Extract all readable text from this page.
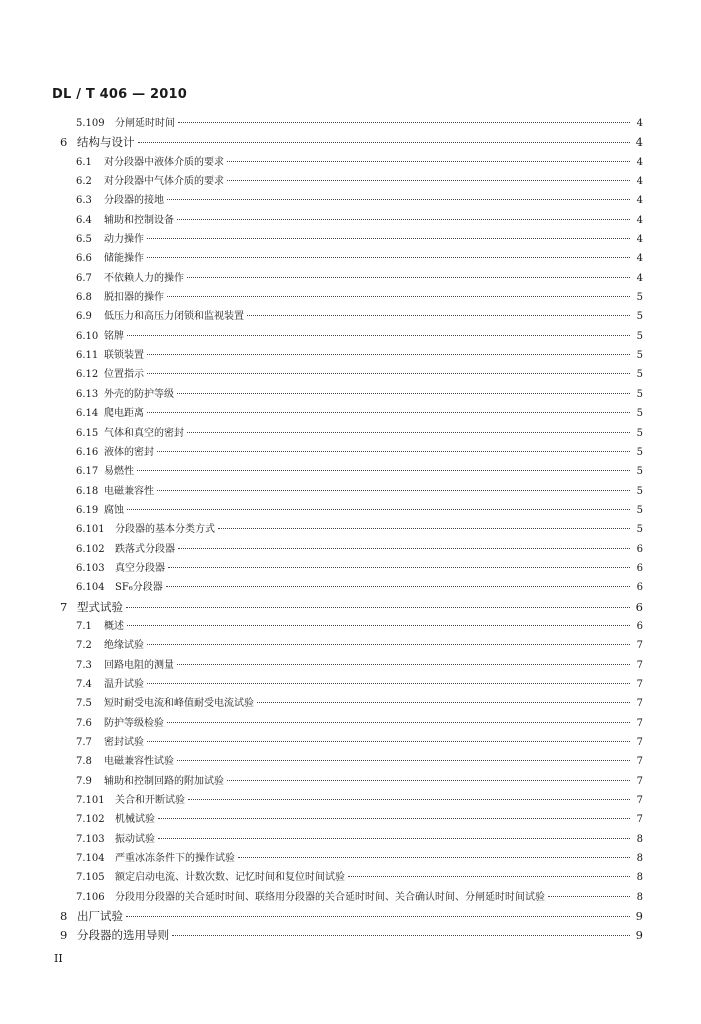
DL / T 406 — 2010
5.109	分闸延时时间	4
6 结构与设计	4
6.1	对分段器中液体介质的要求	4
6.2	对分段器中气体介质的要求	4
6.3	分段器的接地	4
6.4	辅助和控制设备	4
6.5	动力操作	4
6.6	储能操作	4
6.7	不依赖人力的操作	4
6.8	脱扣器的操作	5
6.9	低压力和高压力闭锁和监视装置	5
6.10 铭牌	5
6.11 联锁装置	5
6.12 位置指示	5
6.13 外壳的防护等级	5
6.14 爬电距离	5
6.15 气体和真空的密封	5
6.16 液体的密封	5
6.17 易燃性	5
6.18 电磁兼容性	5
6.19 腐蚀	5
6.101	分段器的基本分类方式	5
6.102	跌落式分段器	6
6.103	真空分段器	6
6.104	SF₆分段器	6
7 型式试验	6
7.1	概述	6
7.2	绝缘试验	7
7.3	回路电阻的测量	7
7.4	温升试验	7
7.5	短时耐受电流和峰值耐受电流试验	7
7.6	防护等级检验	7
7.7	密封试验	7
7.8	电磁兼容性试验	7
7.9	辅助和控制回路的附加试验	7
7.101	关合和开断试验	7
7.102	机械试验	7
7.103	振动试验	8
7.104	严重冰冻条件下的操作试验	8
7.105	额定启动电流、计数次数、记忆时间和复位时间试验	8
7.106	分段用分段器的关合延时时间、联络用分段器的关合延时时间、关合确认时间、分闸延时时间试验	8
8 出厂试验	9
9 分段器的选用导则	9
II
